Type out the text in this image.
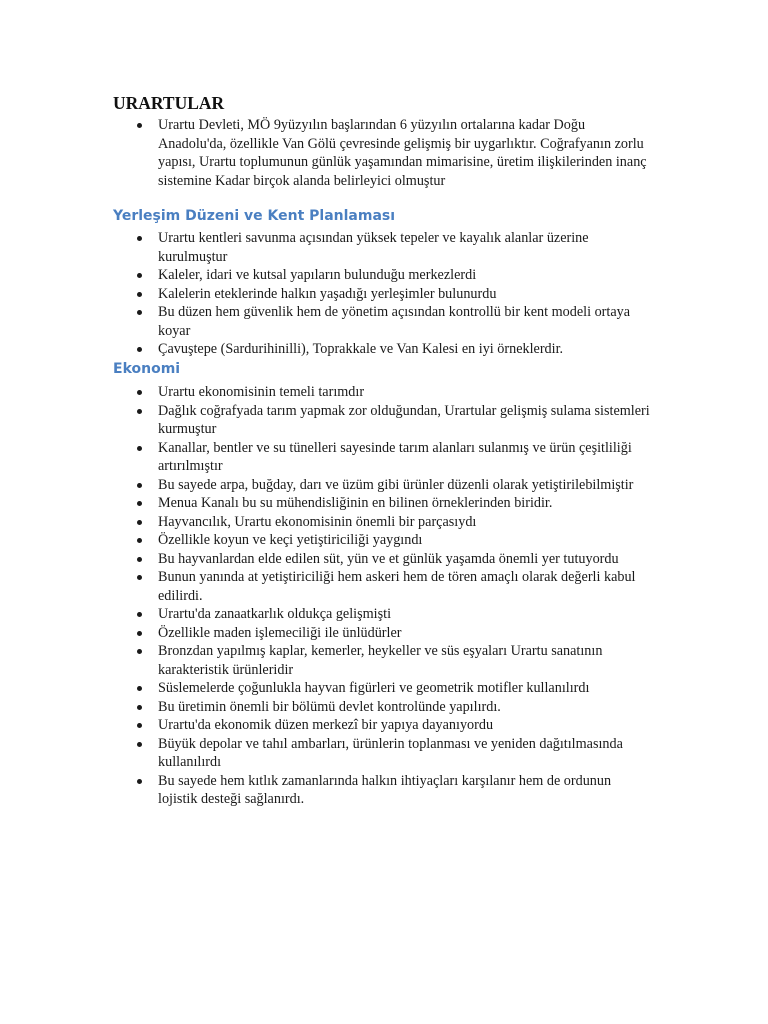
URARTULAR
Urartu Devleti, MÖ 9yüzyılın başlarından 6 yüzyılın ortalarına kadar Doğu Anadolu'da, özellikle Van Gölü çevresinde gelişmiş bir uygarlıktır. Coğrafyanın zorlu yapısı, Urartu toplumunun günlük yaşamından mimarisine, üretim ilişkilerinden inanç sistemine Kadar birçok alanda belirleyici olmuştur
Yerleşim Düzeni ve Kent Planlaması
Urartu kentleri savunma açısından yüksek tepeler ve kayalık alanlar üzerine kurulmuştur
Kaleler, idari ve kutsal yapıların bulunduğu merkezlerdi
Kalelerin eteklerinde halkın yaşadığı yerleşimler bulunurdu
Bu düzen hem güvenlik hem de yönetim açısından kontrollü bir kent modeli ortaya koyar
Çavuştepe (Sardurihinilli), Toprakkale ve Van Kalesi en iyi örneklerdir.
Ekonomi
Urartu ekonomisinin temeli tarımdır
Dağlık coğrafyada tarım yapmak zor olduğundan, Urartular gelişmiş sulama sistemleri kurmuştur
Kanallar, bentler ve su tünelleri sayesinde tarım alanları sulanmış ve ürün çeşitliliği artırılmıştır
Bu sayede arpa, buğday, darı ve üzüm gibi ürünler düzenli olarak yetiştirilebilmiştir
Menua Kanalı bu su mühendisliğinin en bilinen örneklerinden biridir.
Hayvancılık, Urartu ekonomisinin önemli bir parçasıydı
Özellikle koyun ve keçi yetiştiriciliği yaygındı
Bu hayvanlardan elde edilen süt, yün ve et günlük yaşamda önemli yer tutuyordu
Bunun yanında at yetiştiriciliği hem askeri hem de tören amaçlı olarak değerli kabul edilirdi.
Urartu'da zanaatkarlık oldukça gelişmişti
Özellikle maden işlemeciliği ile ünlüdürler
Bronzdan yapılmış kaplar, kemerler, heykeller ve süs eşyaları Urartu sanatının karakteristik ürünleridir
Süslemelerde çoğunlukla hayvan figürleri ve geometrik motifler kullanılırdı
Bu üretimin önemli bir bölümü devlet kontrolünde yapılırdı.
Urartu'da ekonomik düzen merkezî bir yapıya dayanıyordu
Büyük depolar ve tahıl ambarları, ürünlerin toplanması ve yeniden dağıtılmasında kullanılırdı
Bu sayede hem kıtlık zamanlarında halkın ihtiyaçları karşılanır hem de ordunun lojistik desteği sağlanırdı.
